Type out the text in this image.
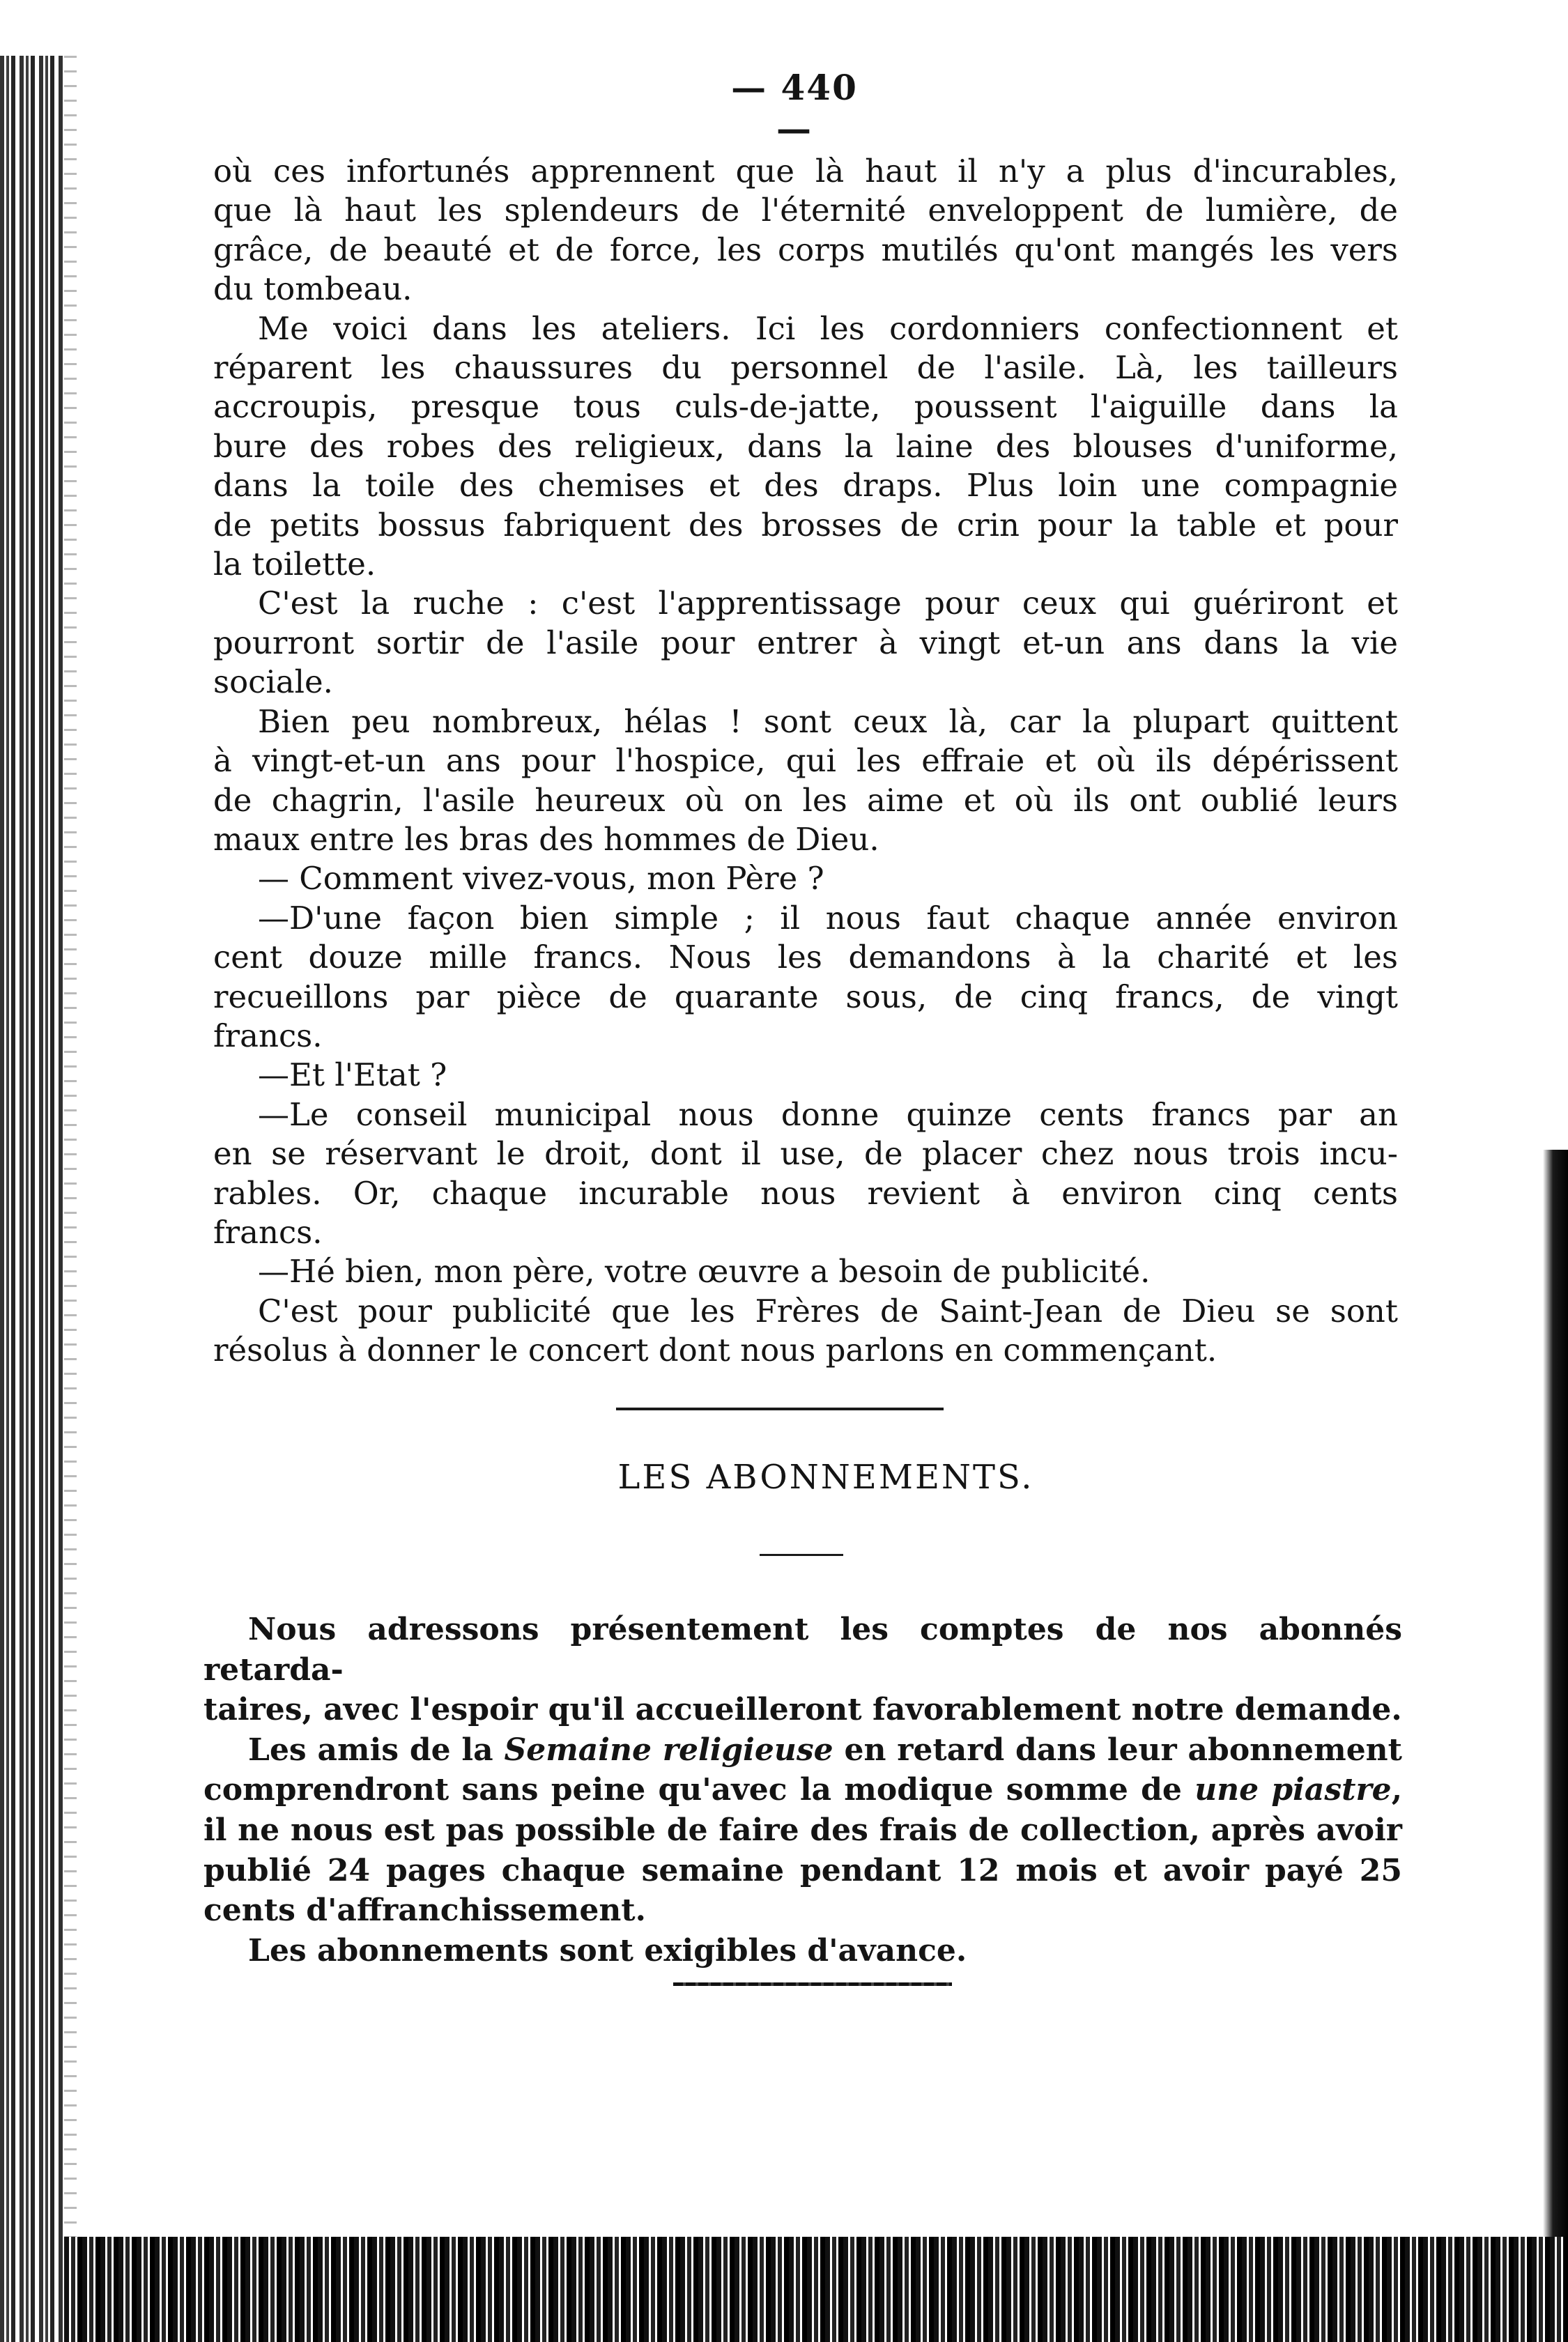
— 440 —

où ces infortunés apprennent que là haut il n'y a plus d'incurables,

que là haut les splendeurs de l'éternité enveloppent de lumière, de

grâce, de beauté et de force, les corps mutilés qu'ont mangés les vers

du tombeau.

Me voici dans les ateliers. Ici les cordonniers confectionnent et

réparent les chaussures du personnel de l'asile. Là, les tailleurs

accroupis, presque tous culs-de-jatte, poussent l'aiguille dans la

bure des robes des religieux, dans la laine des blouses d'uniforme,

dans la toile des chemises et des draps. Plus loin une compagnie

de petits bossus fabriquent des brosses de crin pour la table et pour

la toilette.

C'est la ruche : c'est l'apprentissage pour ceux qui guériront et

pourront sortir de l'asile pour entrer à vingt et-un ans dans la vie

sociale.

Bien peu nombreux, hélas ! sont ceux là, car la plupart quittent

à vingt-et-un ans pour l'hospice, qui les effraie et où ils dépérissent

de chagrin, l'asile heureux où on les aime et où ils ont oublié leurs

maux entre les bras des hommes de Dieu.

— Comment vivez-vous, mon Père ?

—D'une façon bien simple ; il nous faut chaque année environ

cent douze mille francs. Nous les demandons à la charité et les

recueillons par pièce de quarante sous, de cinq francs, de vingt

francs.

—Et l'Etat ?

—Le conseil municipal nous donne quinze cents francs par an

en se réservant le droit, dont il use, de placer chez nous trois incu-

rables. Or, chaque incurable nous revient à environ cinq cents

francs.

—Hé bien, mon père, votre œuvre a besoin de publicité.

C'est pour publicité que les Frères de Saint-Jean de Dieu se sont

résolus à donner le concert dont nous parlons en commençant.

LES ABONNEMENTS.

Nous adressons présentement les comptes de nos abonnés retarda-

taires, avec l'espoir qu'il accueilleront favorablement notre demande.

Les amis de la Semaine religieuse en retard dans leur abonnement comprendront sans peine qu'avec la modique somme de une piastre, il ne nous est pas possible de faire des frais de collection, après avoir publié 24 pages chaque semaine pendant 12 mois et avoir payé 25 cents d'affranchissement.

Les abonnements sont exigibles d'avance.
